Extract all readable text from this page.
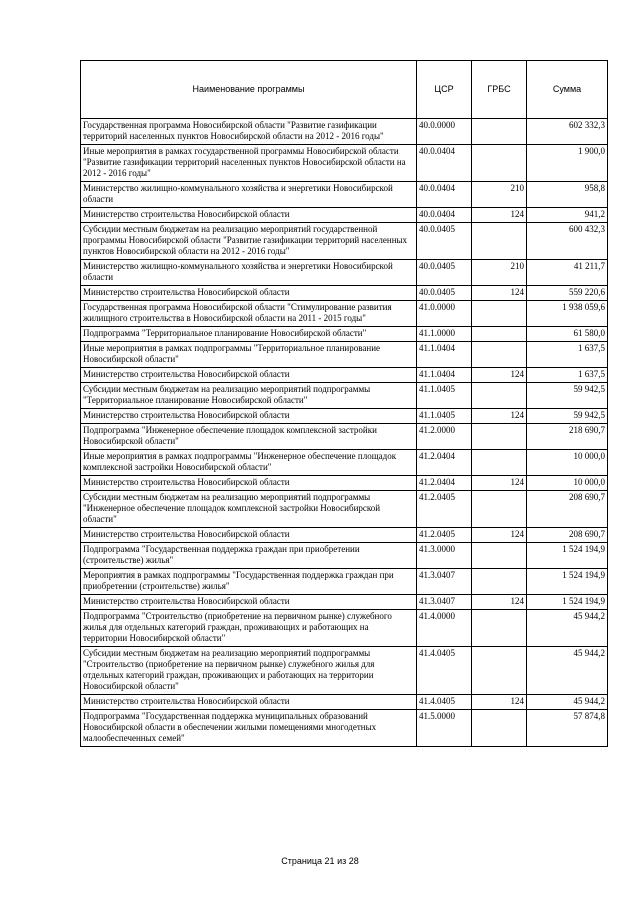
Наименование программы	ЦСР	ГРБС	Сумма
Государственная программа Новосибирской области "Развитие газификации территорий населенных пунктов Новосибирской области на 2012 - 2016 годы"	40.0.0000		602 332,3
Иные мероприятия в рамках государственной программы Новосибирской области "Развитие газификации территорий населенных пунктов Новосибирской области на 2012 - 2016 годы"	40.0.0404		1 900,0
Министерство жилищно-коммунального хозяйства и энергетики Новосибирской области	40.0.0404	210	958,8
Министерство строительства Новосибирской области	40.0.0404	124	941,2
Субсидии местным бюджетам на реализацию мероприятий государственной программы Новосибирской области "Развитие газификации территорий населенных пунктов Новосибирской области на 2012 - 2016 годы"	40.0.0405		600 432,3
Министерство жилищно-коммунального хозяйства и энергетики Новосибирской области	40.0.0405	210	41 211,7
Министерство строительства Новосибирской области	40.0.0405	124	559 220,6
Государственная программа Новосибирской области "Стимулирование развития жилищного строительства в Новосибирской области на 2011 - 2015 годы"	41.0.0000		1 938 059,6
Подпрограмма "Территориальное планирование Новосибирской области"	41.1.0000		61 580,0
Иные мероприятия в рамках подпрограммы "Территориальное планирование Новосибирской области"	41.1.0404		1 637,5
Министерство строительства Новосибирской области	41.1.0404	124	1 637,5
Субсидии местным бюджетам на реализацию мероприятий подпрограммы "Территориальное планирование Новосибирской области"	41.1.0405		59 942,5
Министерство строительства Новосибирской области	41.1.0405	124	59 942,5
Подпрограмма "Инженерное обеспечение площадок комплексной застройки Новосибирской области"	41.2.0000		218 690,7
Иные мероприятия в рамках подпрограммы "Инженерное обеспечение площадок комплексной застройки Новосибирской области"	41.2.0404		10 000,0
Министерство строительства Новосибирской области	41.2.0404	124	10 000,0
Субсидии местным бюджетам на реализацию мероприятий подпрограммы "Инженерное обеспечение площадок комплексной застройки Новосибирской области"	41.2.0405		208 690,7
Министерство строительства Новосибирской области	41.2.0405	124	208 690,7
Подпрограмма "Государственная поддержка граждан при приобретении (строительстве) жилья"	41.3.0000		1 524 194,9
Мероприятия в рамках подпрограммы "Государственная поддержка граждан при приобретении (строительстве) жилья"	41.3.0407		1 524 194,9
Министерство строительства Новосибирской области	41.3.0407	124	1 524 194,9
Подпрограмма "Строительство (приобретение на первичном рынке) служебного жилья для отдельных категорий граждан, проживающих и работающих на территории Новосибирской области"	41.4.0000		45 944,2
Субсидии местным бюджетам на реализацию мероприятий подпрограммы "Строительство (приобретение на первичном рынке) служебного жилья для отдельных категорий граждан, проживающих и работающих на территории Новосибирской области"	41.4.0405		45 944,2
Министерство строительства Новосибирской области	41.4.0405	124	45 944,2
Подпрограмма "Государственная поддержка муниципальных образований Новосибирской области в обеспечении жилыми помещениями многодетных малообеспеченных семей"	41.5.0000		57 874,8
Страница 21 из 28
